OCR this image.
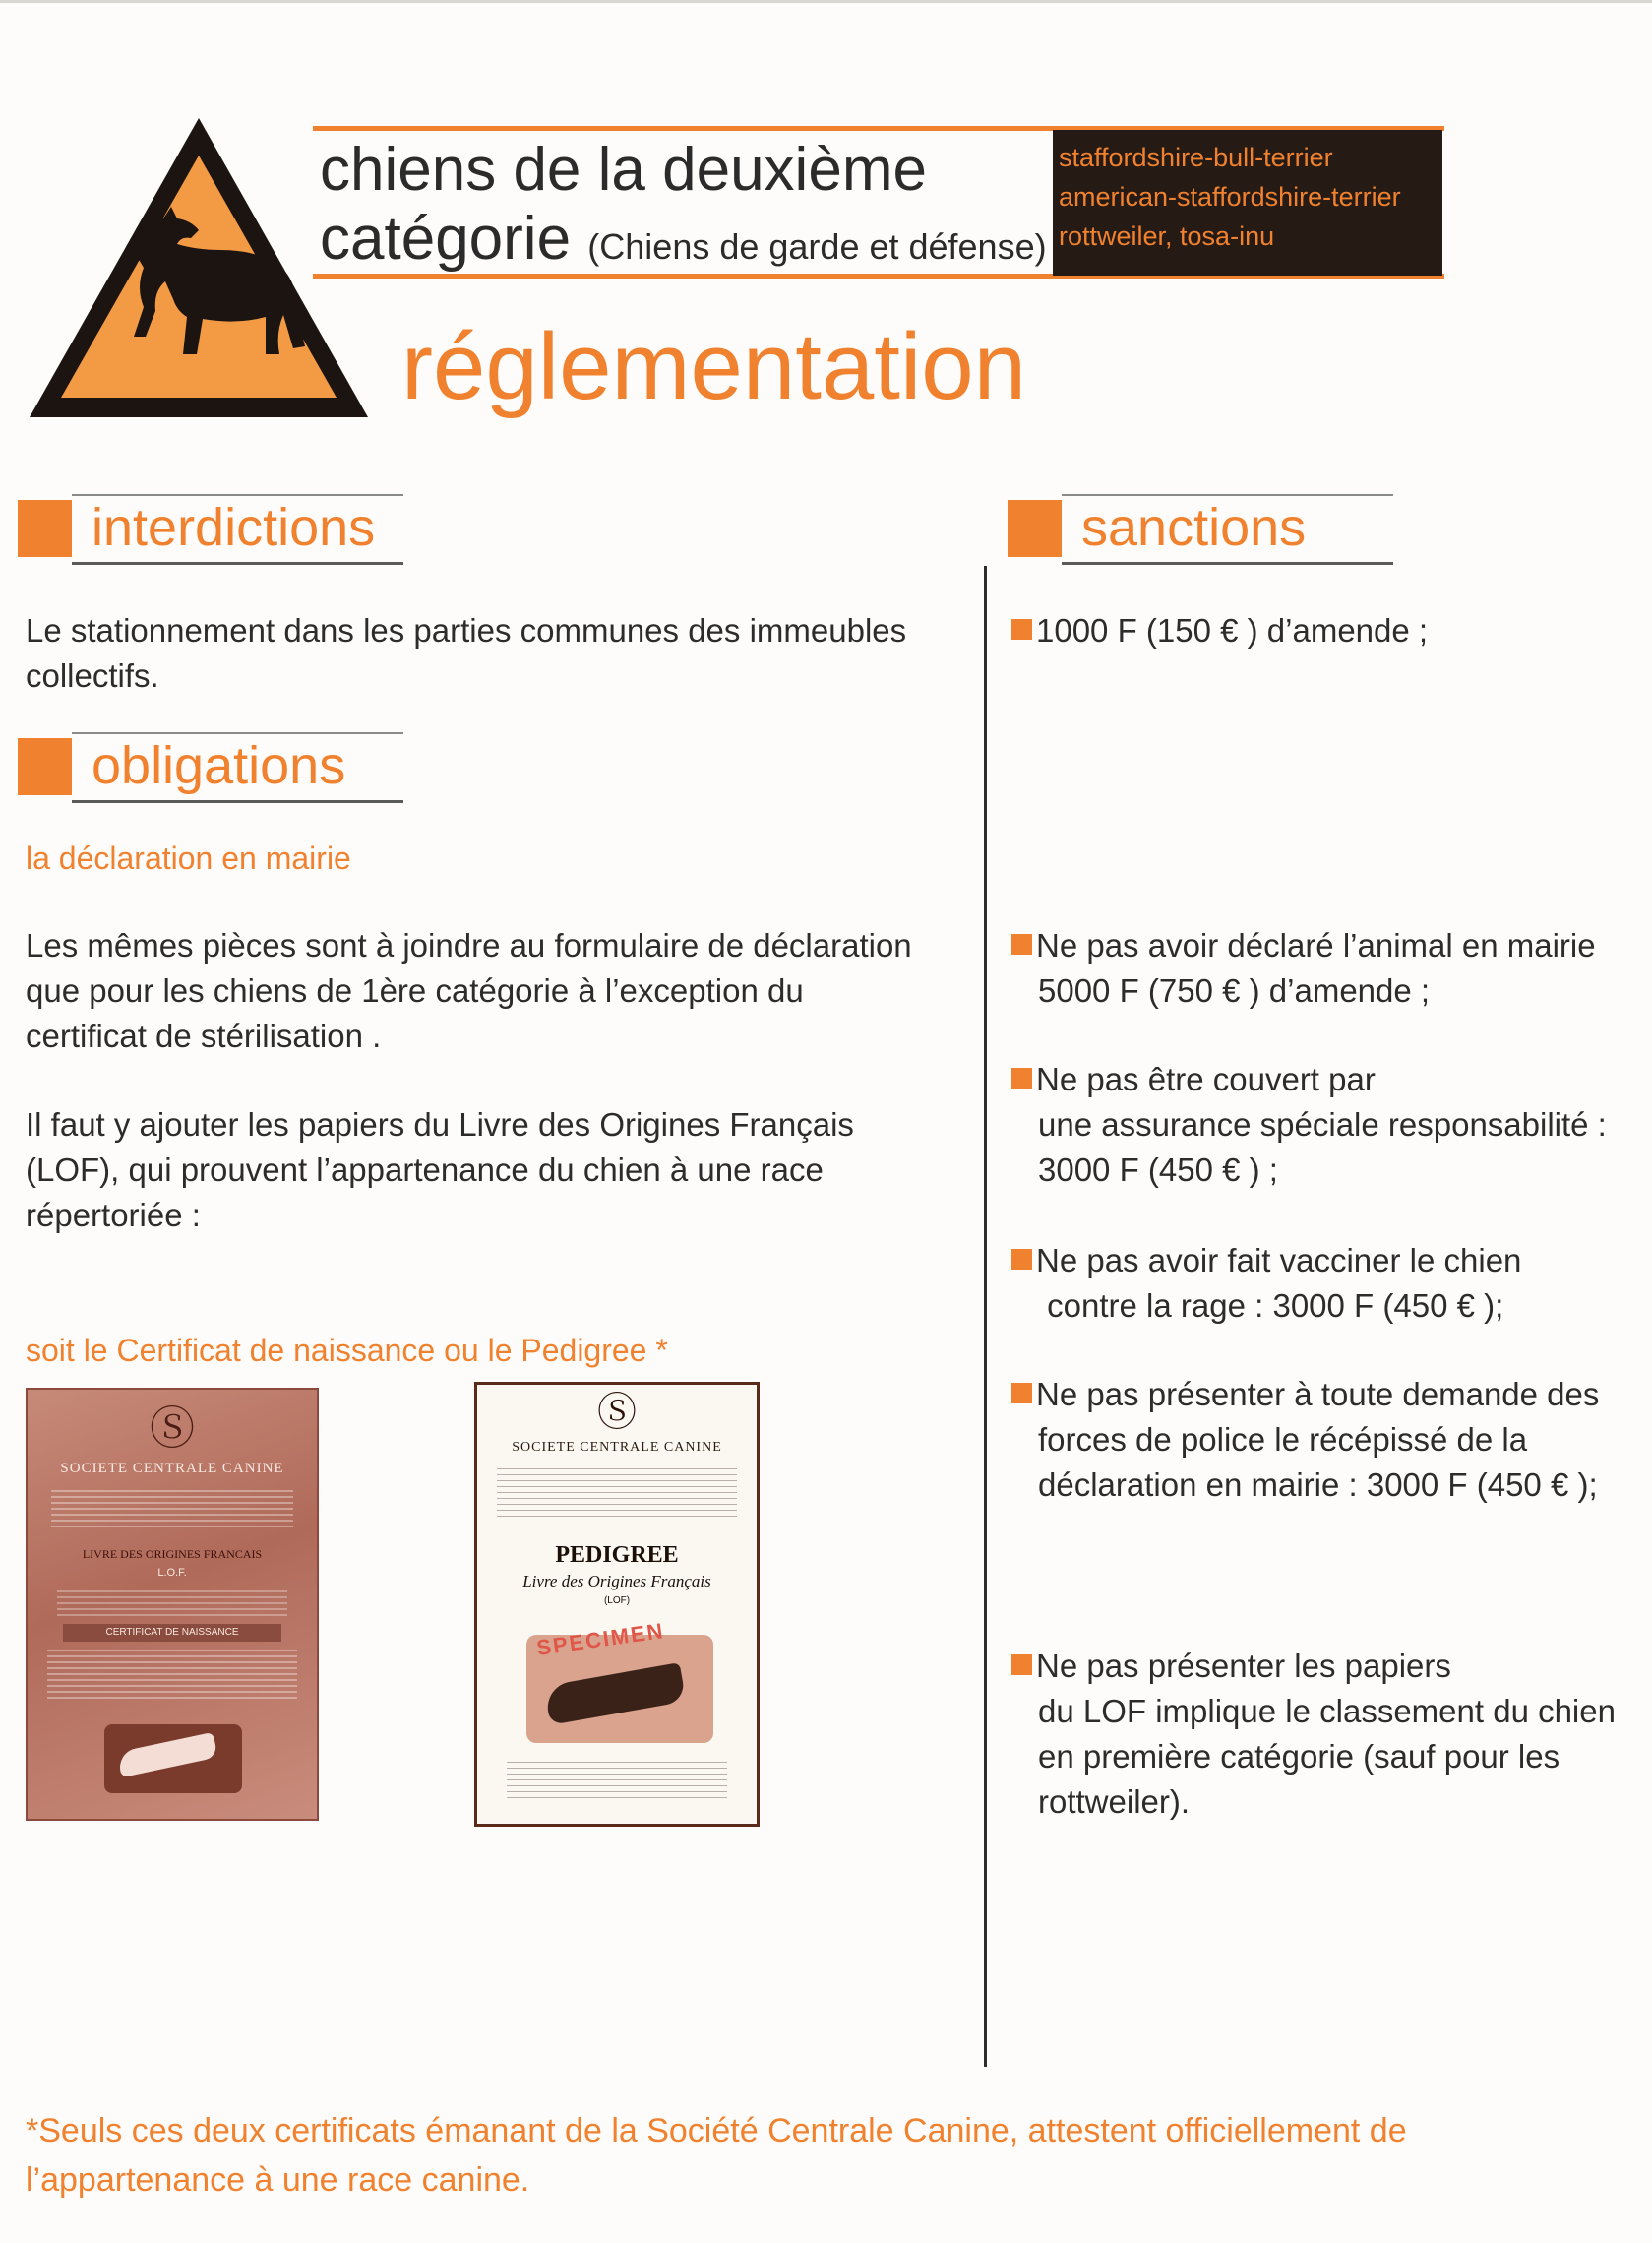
chiens de la deuxième
catégorie (Chiens de garde et défense)
staffordshire-bull-terrier
american-staffordshire-terrier
rottweiler, tosa-inu
réglementation
interdictions
Le stationnement dans les parties communes des immeubles
collectifs.
obligations
la déclaration en mairie
Les mêmes pièces sont à joindre au formulaire de déclaration
que pour les chiens de 1ère catégorie à l’exception du
certificat de stérilisation .
Il faut y ajouter les papiers du Livre des Origines Français
(LOF), qui prouvent l’appartenance du chien à une race
répertoriée :
soit le Certificat de naissance ou le Pedigree *
Ⓢ
SOCIETE CENTRALE CANINE
LIVRE DES ORIGINES FRANCAIS
L.O.F.
CERTIFICAT DE NAISSANCE
Ⓢ
SOCIETE CENTRALE CANINE
PEDIGREE
Livre des Origines Français
(LOF)
SPECIMEN
sanctions
1000 F (150 € ) d’amende ;
Ne pas avoir déclaré l’animal en mairie
5000 F (750 € ) d’amende ;
Ne pas être couvert par
une assurance spéciale responsabilité :
3000 F (450 € ) ;
Ne pas avoir fait vacciner le chien
contre la rage : 3000 F (450 € );
Ne pas présenter à toute demande des
forces de police le récépissé de la
déclaration en mairie : 3000 F (450 € );
Ne pas présenter les papiers
du LOF implique le classement du chien
en première catégorie (sauf pour les
rottweiler).
*Seuls ces deux certificats émanant de la Société Centrale Canine, attestent officiellement de
l’appartenance à une race canine.
